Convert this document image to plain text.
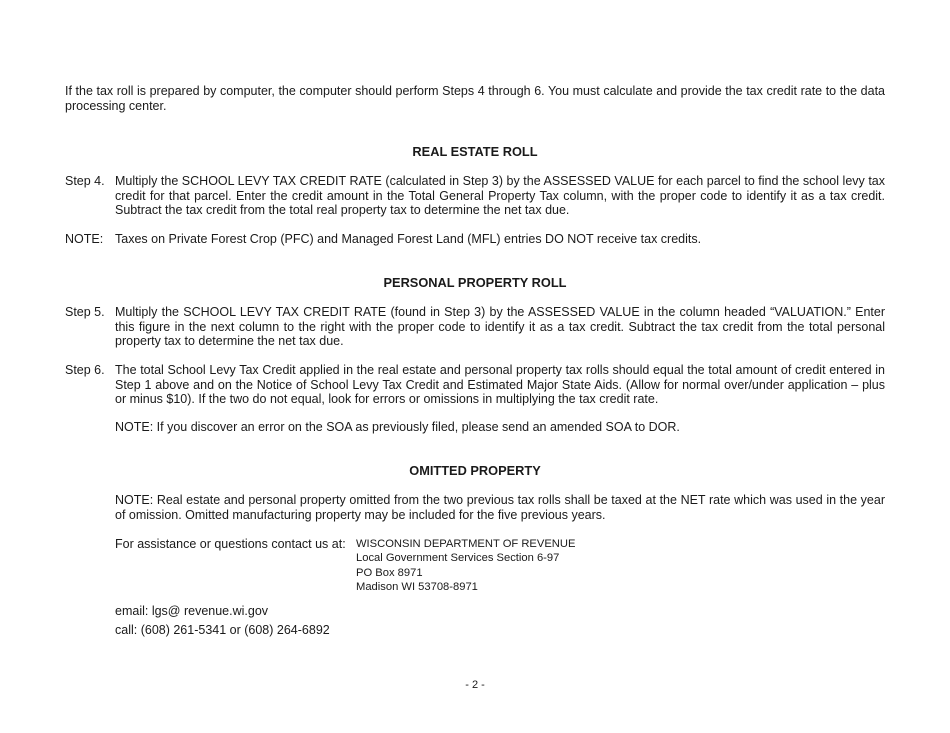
If the tax roll is prepared by computer, the computer should perform Steps 4 through 6. You must calculate and provide the tax credit rate to the data processing center.
REAL ESTATE ROLL
Step 4. Multiply the SCHOOL LEVY TAX CREDIT RATE (calculated in Step 3) by the ASSESSED VALUE for each parcel to find the school levy tax credit for that parcel. Enter the credit amount in the Total General Property Tax column, with the proper code to identify it as a tax credit. Subtract the tax credit from the total real property tax to determine the net tax due.
NOTE: Taxes on Private Forest Crop (PFC) and Managed Forest Land (MFL) entries DO NOT receive tax credits.
PERSONAL PROPERTY ROLL
Step 5. Multiply the SCHOOL LEVY TAX CREDIT RATE (found in Step 3) by the ASSESSED VALUE in the column headed “VALUATION.” Enter this figure in the next column to the right with the proper code to identify it as a tax credit. Subtract the tax credit from the total personal property tax to determine the net tax due.
Step 6. The total School Levy Tax Credit applied in the real estate and personal property tax rolls should equal the total amount of credit entered in Step 1 above and on the Notice of School Levy Tax Credit and Estimated Major State Aids. (Allow for normal over/under application – plus or minus $10). If the two do not equal, look for errors or omissions in multiplying the tax credit rate.
NOTE: If you discover an error on the SOA as previously filed, please send an amended SOA to DOR.
OMITTED PROPERTY
NOTE: Real estate and personal property omitted from the two previous tax rolls shall be taxed at the NET rate which was used in the year of omission. Omitted manufacturing property may be included for the five previous years.
For assistance or questions contact us at: WISCONSIN DEPARTMENT OF REVENUE
Local Government Services Section 6-97
PO Box 8971
Madison WI 53708-8971
email: lgs@ revenue.wi.gov
call: (608) 261-5341 or (608) 264-6892
- 2 -
